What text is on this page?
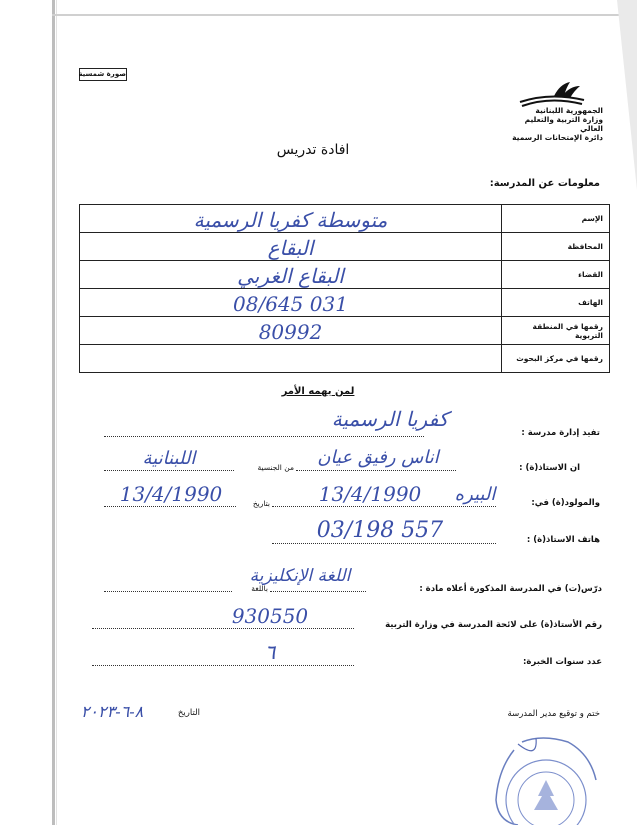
صورة شمسية
الجمهورية اللبنانية
وزارة التربية والتعليم العالي
دائرة الإمتحانات الرسمية
افادة تدريس
معلومات عن المدرسة:
متوسطة كفريا الرسمية	الإسم
البقاع	المحافظة
البقاع الغربي	القضاء
08/645 031	الهاتف
80992	رقمها في المنطقة التربوية
	رقمها في مركز البحوث
لمن يهمه الأمر
تفيد إدارة مدرسة :
كفريا الرسمية
ان الاستاذ(ة) :
اناس رفيق عيان
من الجنسية
اللبنانية
والمولود(ة) في:
البيره
13/4/1990
بتاريخ
13/4/1990
هاتف الاستاذ(ة) :
03/198 557
درّس(ت) في المدرسة المذكورة أعلاه مادة :
اللغة الإنكليزية
باللغة
رقم الأستاذ(ة) على لائحة المدرسة في وزارة التربية
930550
عدد سنوات الخبرة:
٦
ختم و توقيع مدير المدرسة
التاريخ
٨-٦-٢٠٢٣
